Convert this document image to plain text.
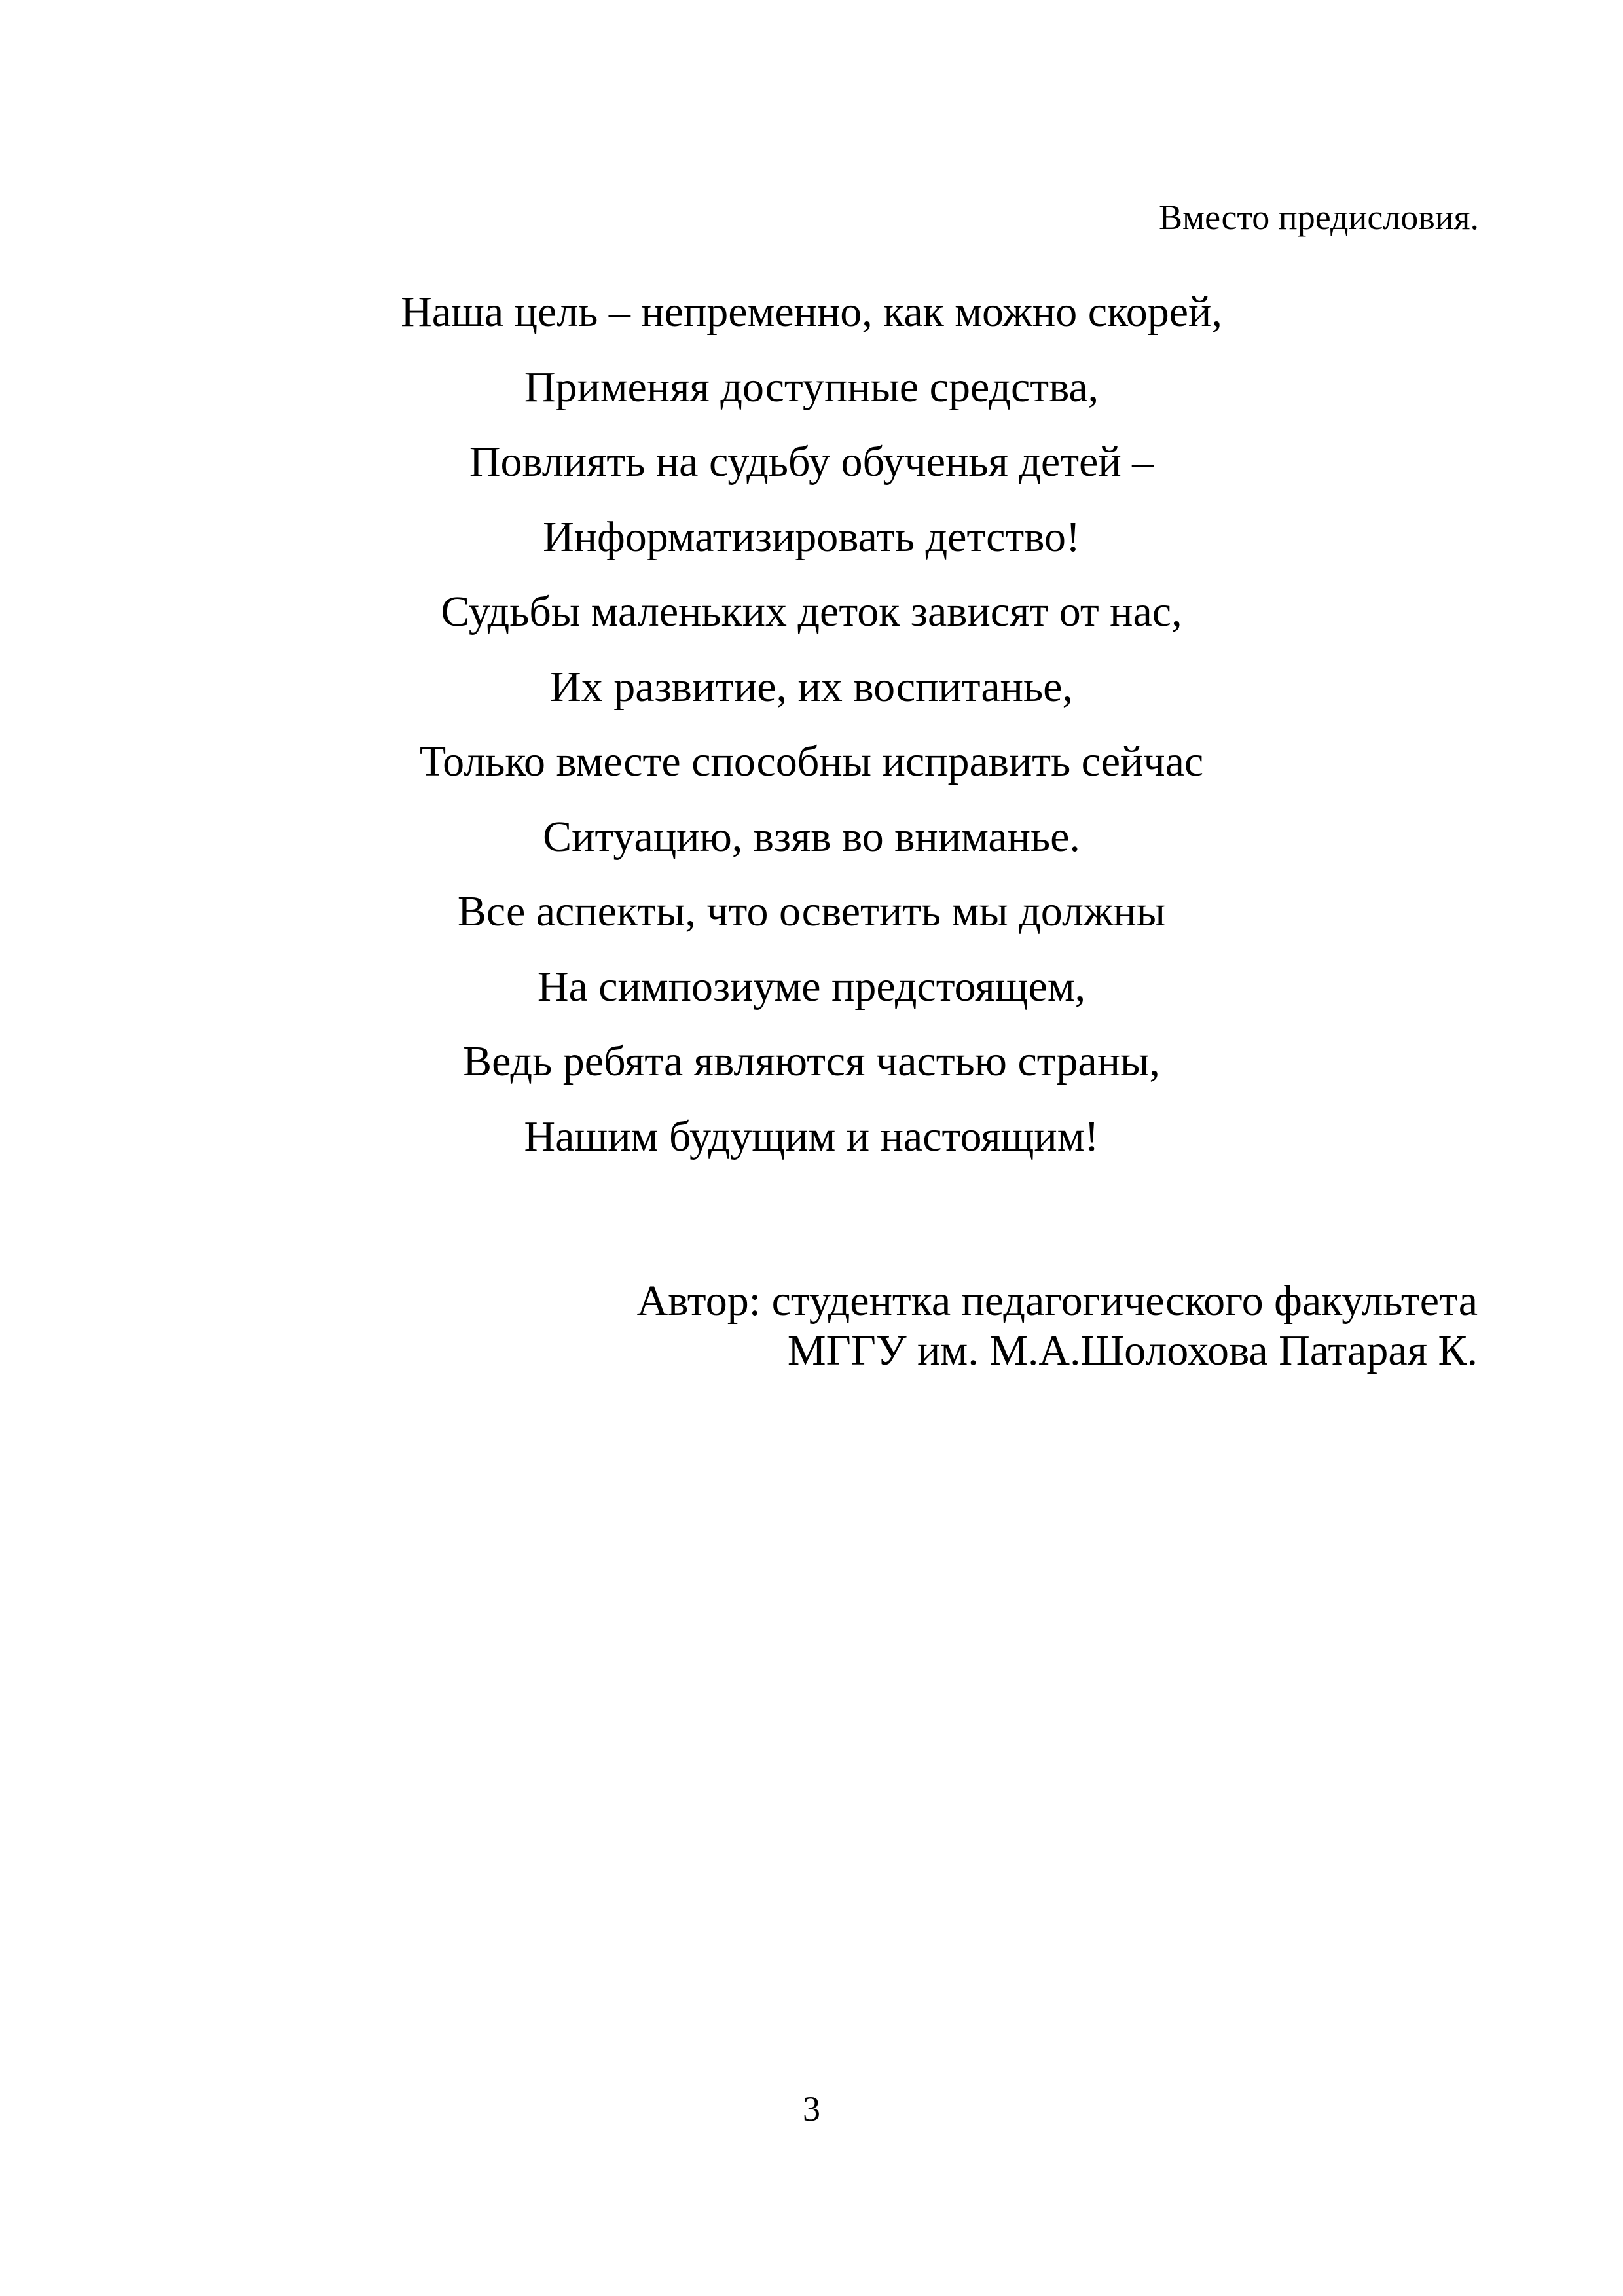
Вместо предисловия.
Наша цель – непременно, как можно скорей,
Применяя доступные средства,
Повлиять на судьбу обученья детей –
Информатизировать детство!
Судьбы маленьких деток зависят от нас,
Их развитие, их воспитанье,
Только вместе способны исправить сейчас
Ситуацию, взяв во вниманье.
Все аспекты, что осветить мы должны
На симпозиуме предстоящем,
Ведь ребята являются частью страны,
Нашим будущим и настоящим!
Автор: студентка педагогического факультета
МГГУ им. М.А.Шолохова Патарая К.
3
